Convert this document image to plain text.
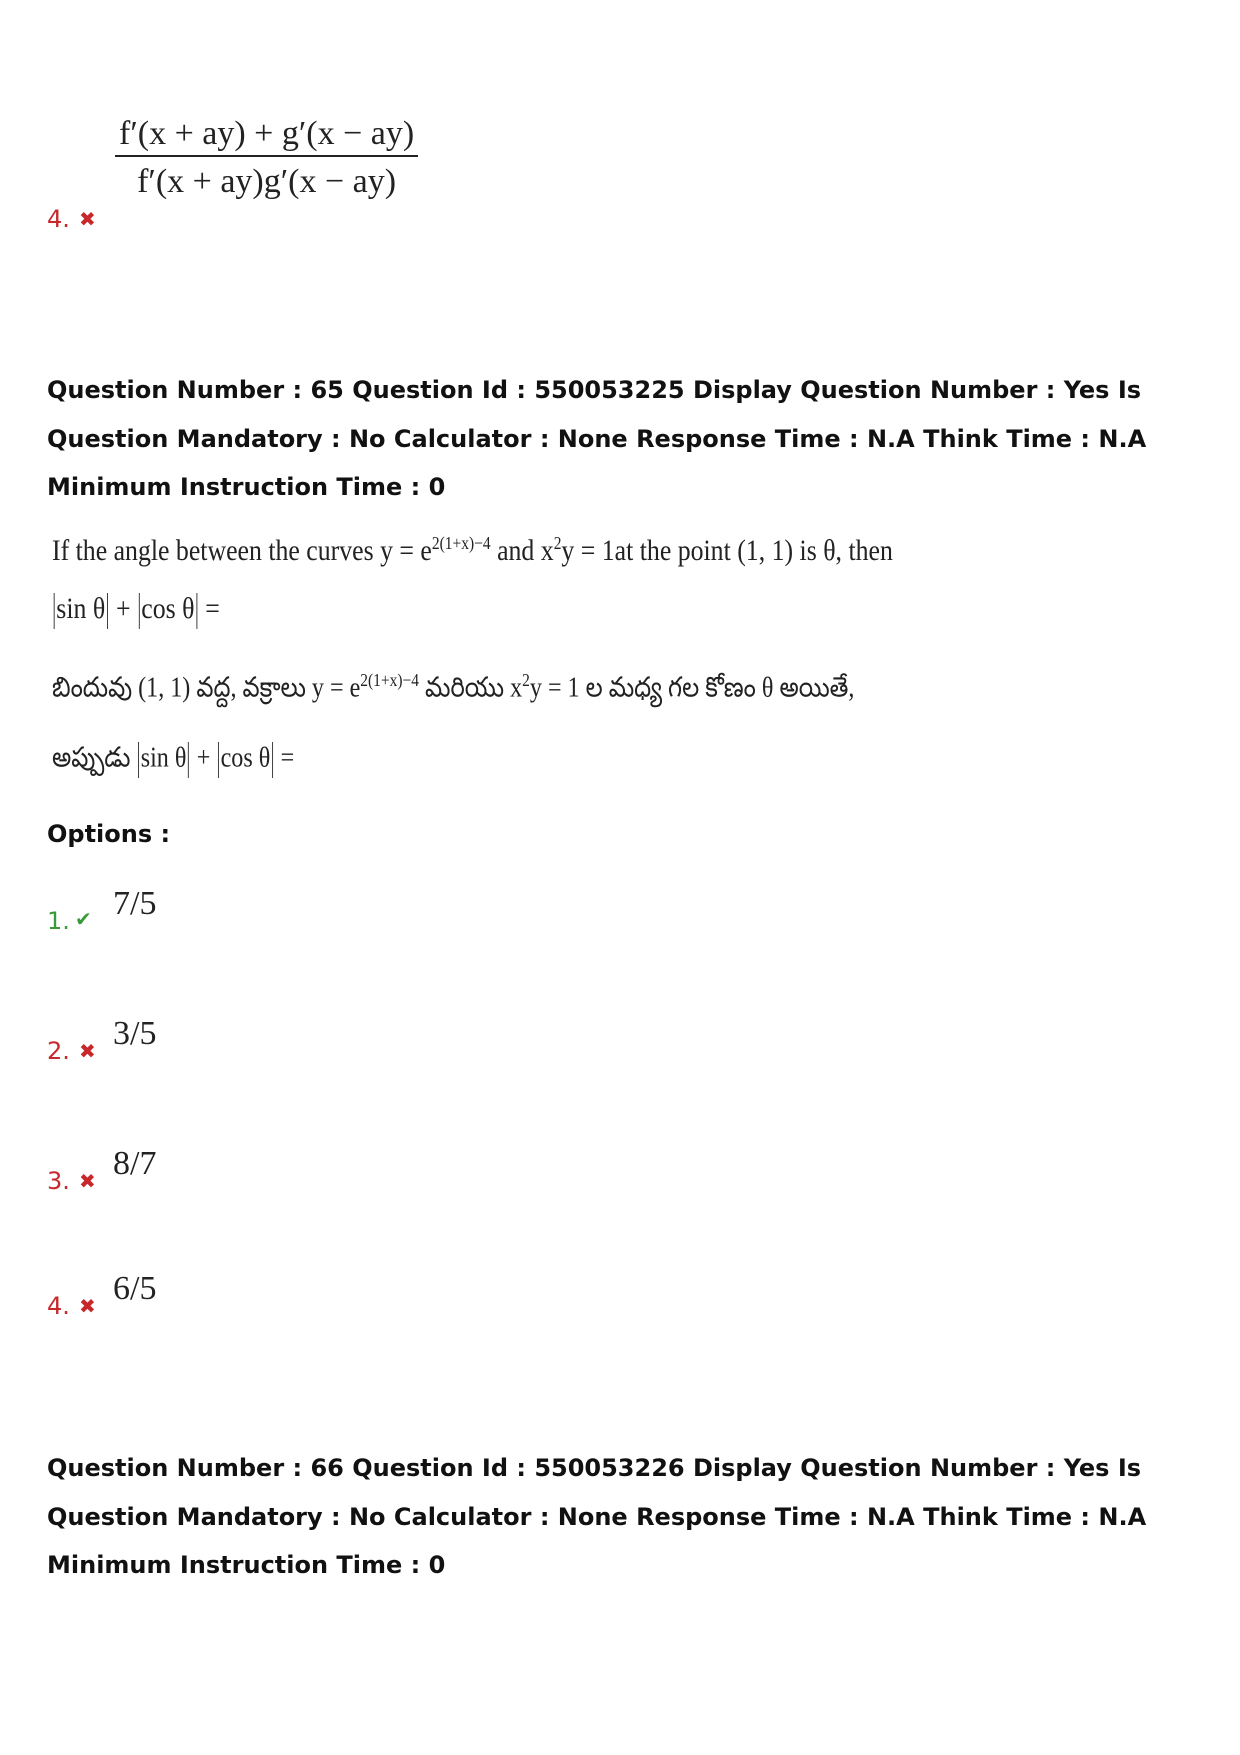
4. ✖
$\frac{f'(x + ay) + g'(x - ay)}{f'(x + ay)g'(x - ay)}$
Question Number : 65 Question Id : 550053225 Display Question Number : Yes Is Question Mandatory : No Calculator : None Response Time : N.A Think Time : N.A Minimum Instruction Time : 0
If the angle between the curves $y = e^{2(1+x)-4}$ and $x^2y = 1at$ the point (1, 1) is θ, then
sin θ + cos θ =
బిందువు (1, 1) వద్ద, వక్రాలు $y = e^{2(1+x)-4}$ మరియు $x^2y = 1$ ల మధ్య గల కోణం θ అయితే,
అప్పుడు sin θ + cos θ =
Options :
1. ✔ 7/5
2. ✖ 3/5
3. ✖ 8/7
4. ✖ 6/5
Question Number : 66 Question Id : 550053226 Display Question Number : Yes Is Question Mandatory : No Calculator : None Response Time : N.A Think Time : N.A Minimum Instruction Time : 0
